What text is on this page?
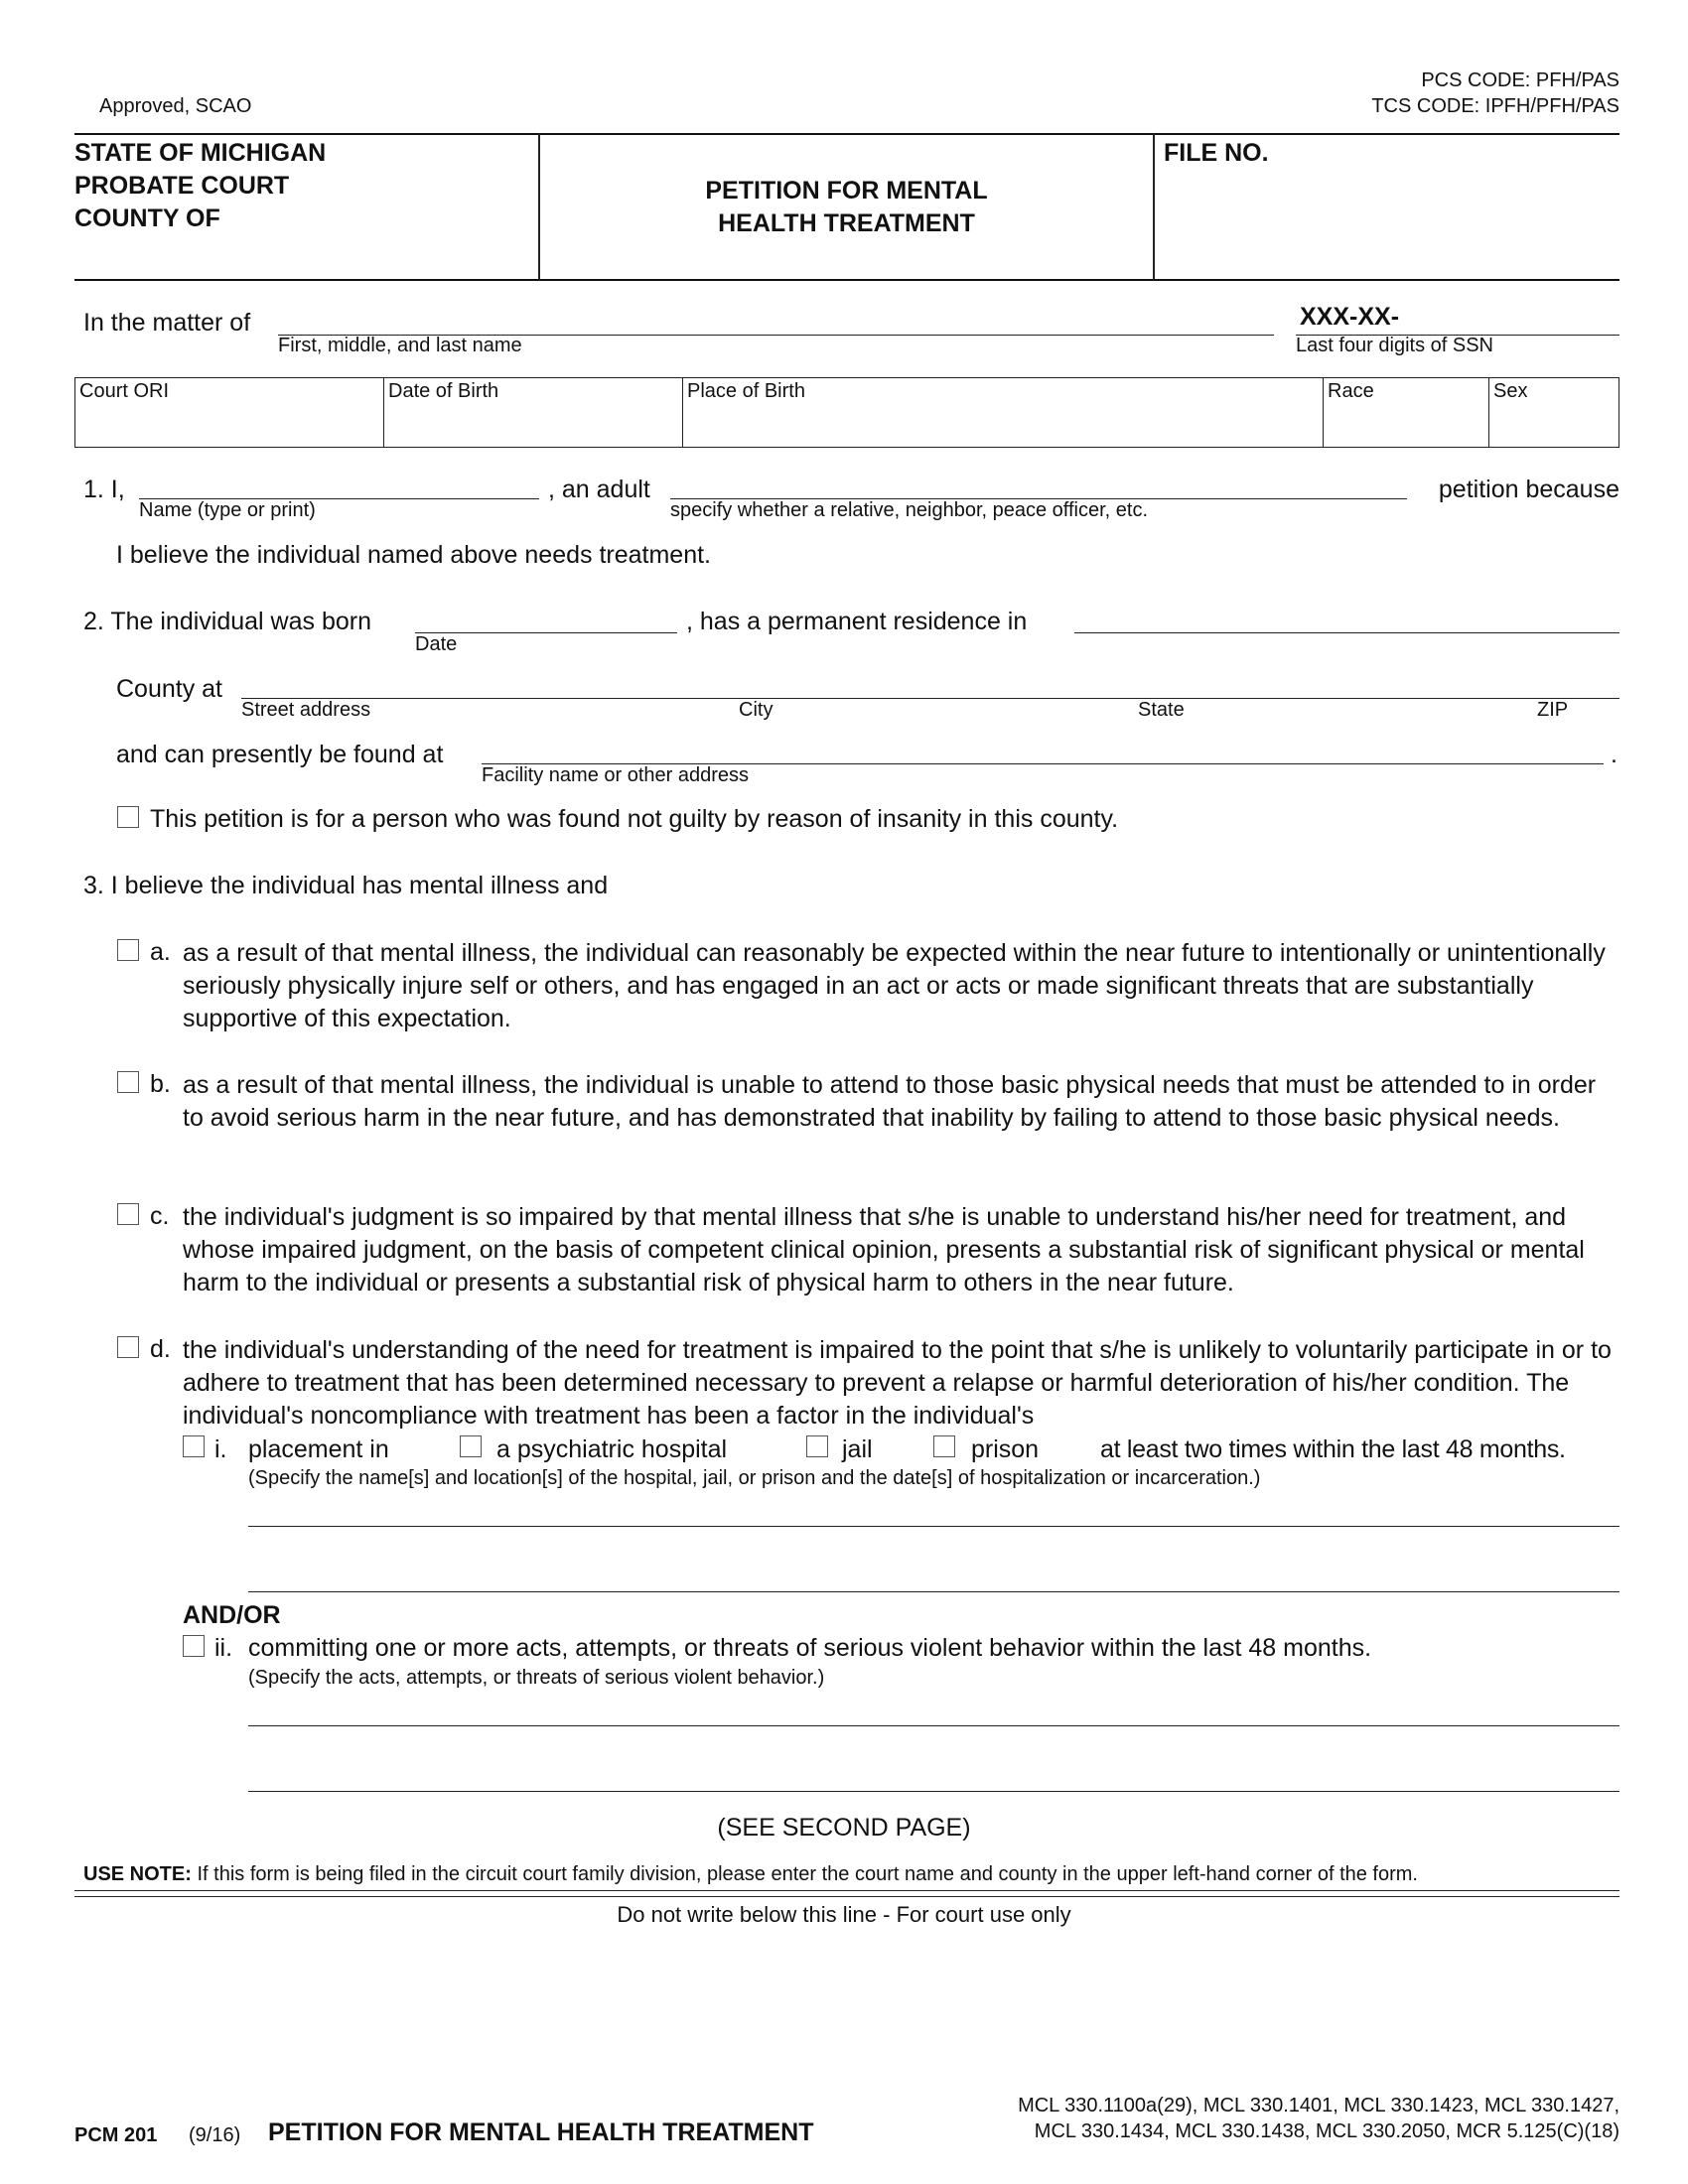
Approved, SCAO
PCS CODE: PFH/PAS
TCS CODE: IPFH/PFH/PAS
STATE OF MICHIGAN
PROBATE COURT
COUNTY OF
PETITION FOR MENTAL
HEALTH TREATMENT
FILE NO.
In the matter of
First, middle, and last name
XXX-XX-
Last four digits of SSN
Court ORI	Date of Birth	Place of Birth	Race	Sex
1. I,
Name (type or print)
, an adult
specify whether a relative, neighbor, peace officer, etc.
petition because
I believe the individual named above needs treatment.
2. The individual was born
Date
, has a permanent residence in
County at
Street address	City	State	ZIP
and can presently be found at
Facility name or other address
.
This petition is for a person who was found not guilty by reason of insanity in this county.
3. I believe the individual has mental illness and
a. as a result of that mental illness, the individual can reasonably be expected within the near future to intentionally or unintentionally seriously physically injure self or others, and has engaged in an act or acts or made significant threats that are substantially supportive of this expectation.
b. as a result of that mental illness, the individual is unable to attend to those basic physical needs that must be attended to in order to avoid serious harm in the near future, and has demonstrated that inability by failing to attend to those basic physical needs.
c. the individual's judgment is so impaired by that mental illness that s/he is unable to understand his/her need for treatment, and whose impaired judgment, on the basis of competent clinical opinion, presents a substantial risk of significant physical or mental harm to the individual or presents a substantial risk of physical harm to others in the near future.
d. the individual's understanding of the need for treatment is impaired to the point that s/he is unlikely to voluntarily participate in or to adhere to treatment that has been determined necessary to prevent a relapse or harmful deterioration of his/her condition. The individual's noncompliance with treatment has been a factor in the individual's
i. placement in	a psychiatric hospital	jail	prison at least two times within the last 48 months.
(Specify the name[s] and location[s] of the hospital, jail, or prison and the date[s] of hospitalization or incarceration.)
AND/OR
ii. committing one or more acts, attempts, or threats of serious violent behavior within the last 48 months.
(Specify the acts, attempts, or threats of serious violent behavior.)
(SEE SECOND PAGE)
USE NOTE: If this form is being filed in the circuit court family division, please enter the court name and county in the upper left-hand corner of the form.
Do not write below this line - For court use only
PCM 201 (9/16) PETITION FOR MENTAL HEALTH TREATMENT
MCL 330.1100a(29), MCL 330.1401, MCL 330.1423, MCL 330.1427,
MCL 330.1434, MCL 330.1438, MCL 330.2050, MCR 5.125(C)(18)
